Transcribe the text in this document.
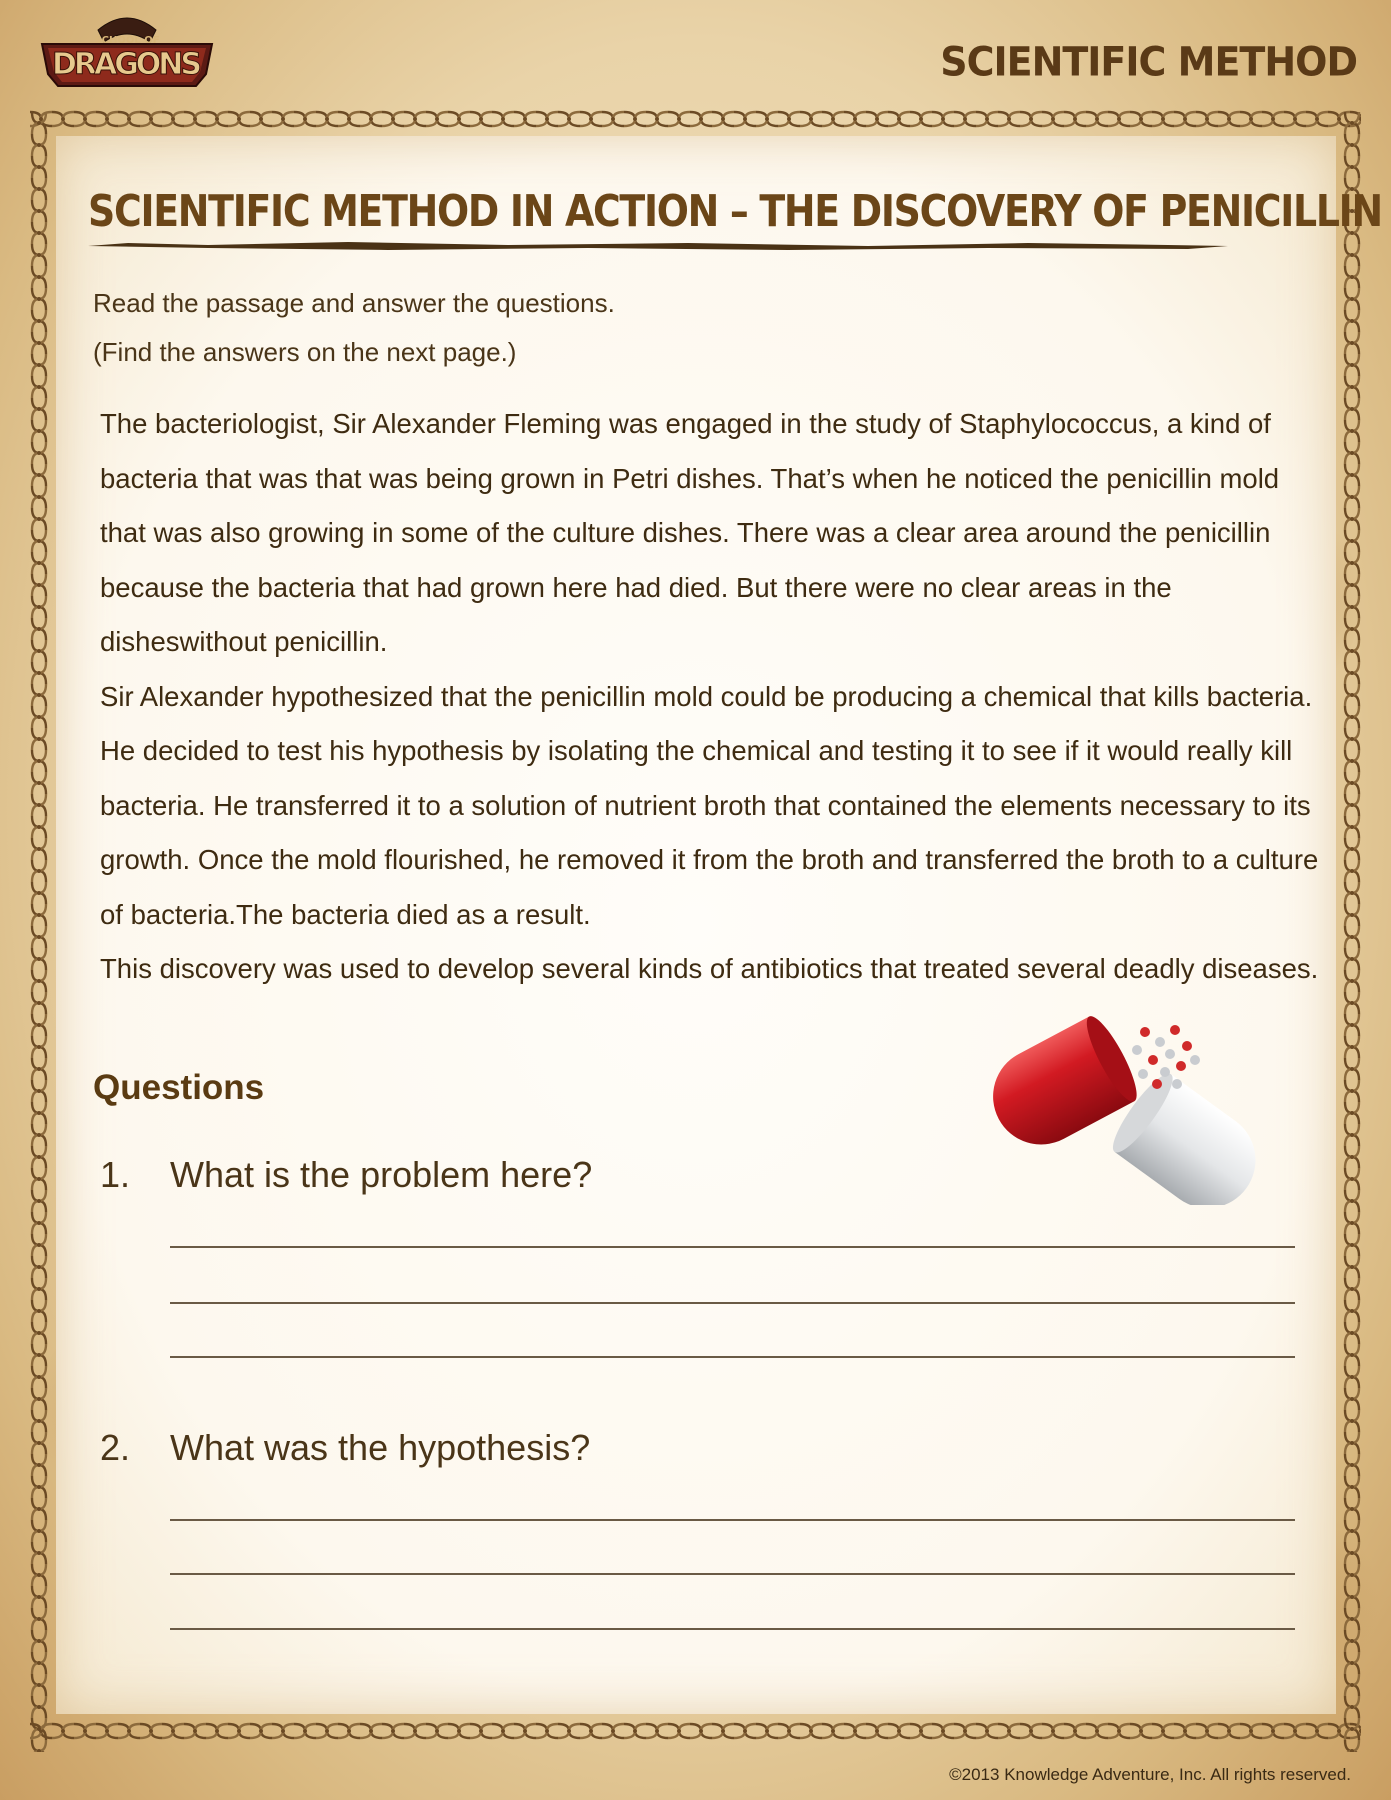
SCHOOL OF
DRAGONS	SCIENTIFIC METHOD
SCIENTIFIC METHOD IN ACTION – THE DISCOVERY OF PENICILLIN
Read the passage and answer the questions.
(Find the answers on the next page.)

The bacteriologist, Sir Alexander Fleming was engaged in the study of Staphylococcus, a kind of bacteria that was that was being grown in Petri dishes. That’s when he noticed the penicillin mold that was also growing in some of the culture dishes. There was a clear area around the penicillin because the bacteria that had grown here had died. But there were no clear areas in the disheswithout penicillin.

Sir Alexander hypothesized that the penicillin mold could be producing a chemical that kills bacteria. He decided to test his hypothesis by isolating the chemical and testing it to see if it would really kill bacteria. He transferred it to a solution of nutrient broth that contained the elements necessary to its growth. Once the mold flourished, he removed it from the broth and transferred the broth to a culture of bacteria.The bacteria died as a result.

This discovery was used to develop several kinds of antibiotics that treated several deadly diseases.

Questions
1. What is the problem here?
2. What was the hypothesis?
©2013 Knowledge Adventure, Inc. All rights reserved.
